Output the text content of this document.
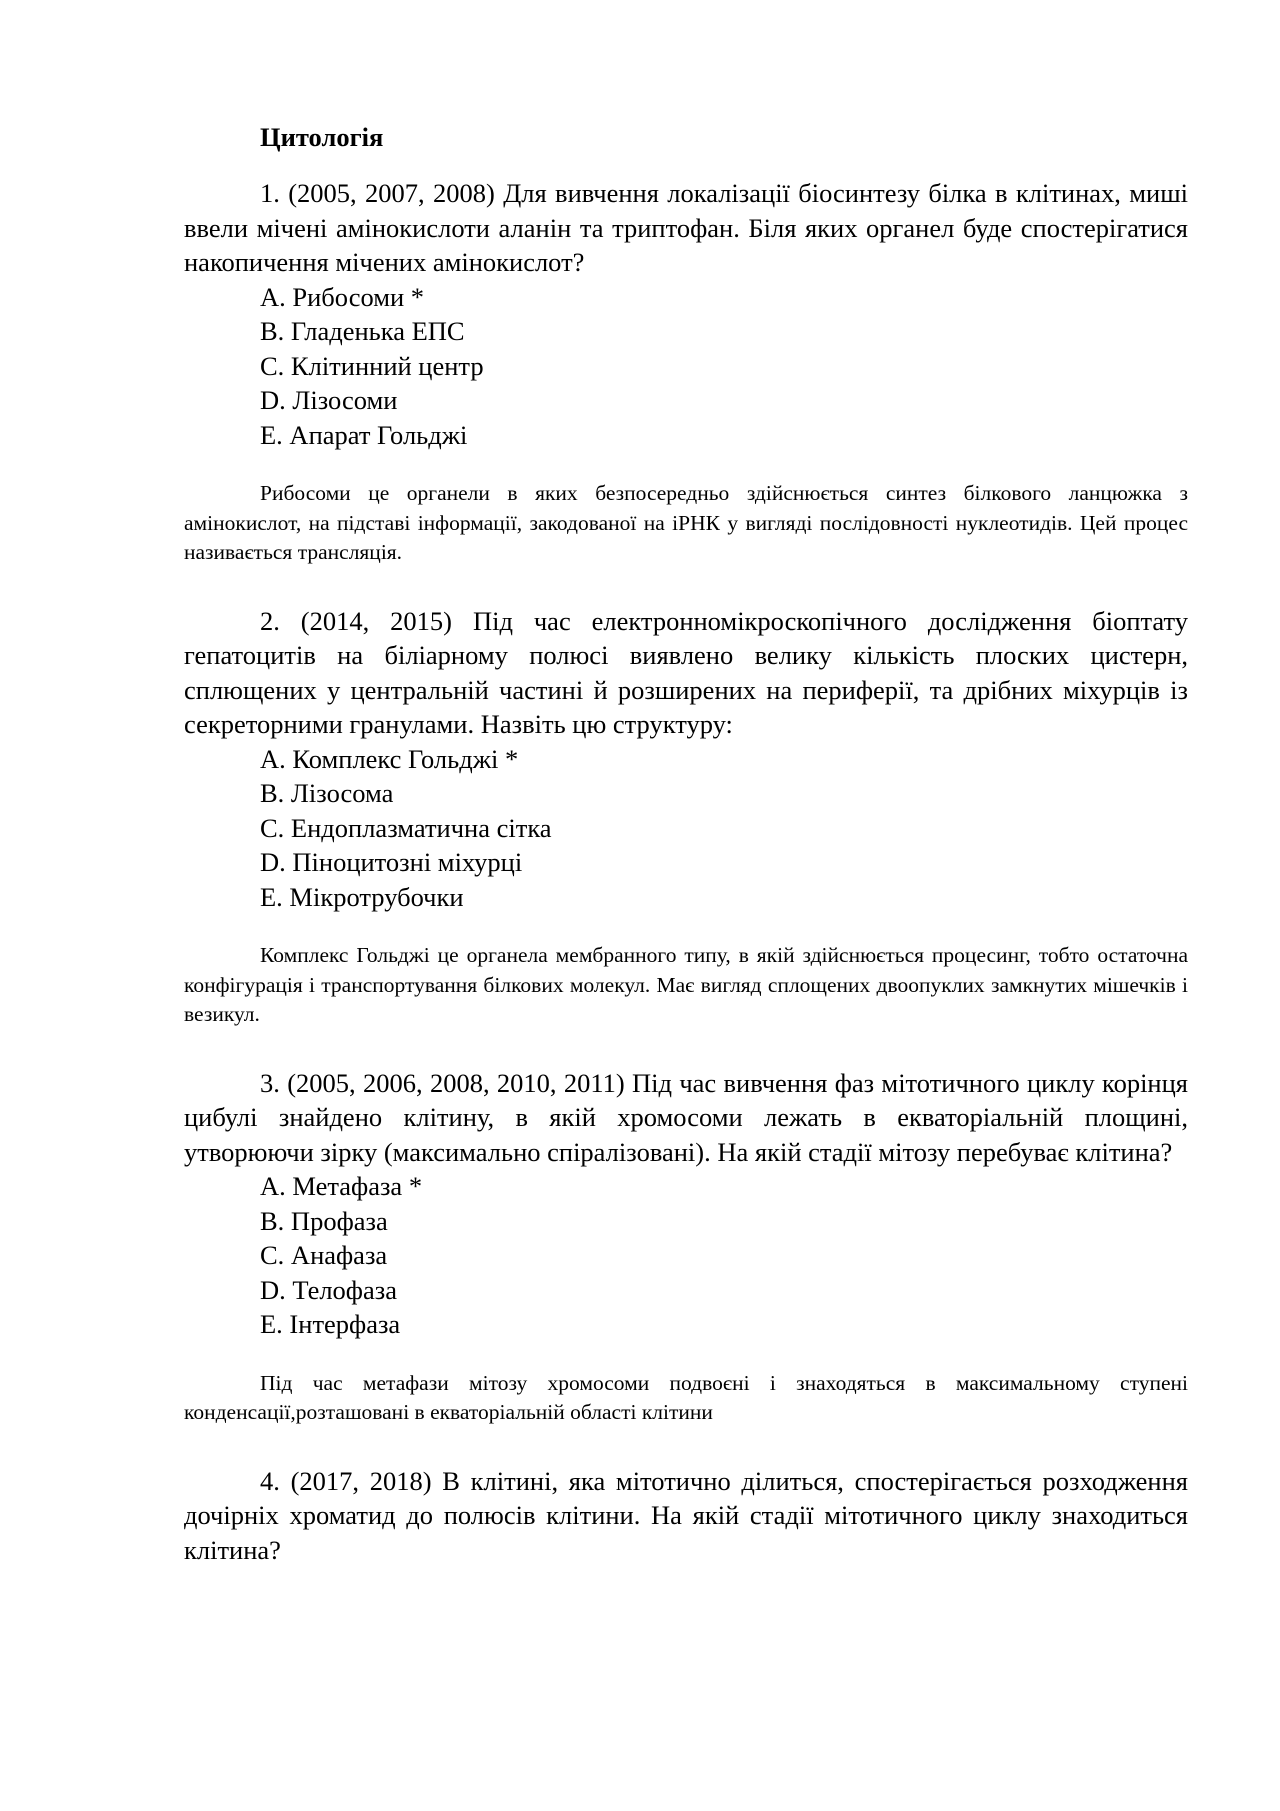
Цитологія

1. (2005, 2007, 2008) Для вивчення локалізації біосинтезу білка в клітинах, миші ввели мічені амінокислоти аланін та триптофан. Біля яких органел буде спостерігатися накопичення мічених амінокислот?

A. Рибосоми *
B. Гладенька ЕПС
C. Клітинний центр
D. Лізосоми
E. Апарат Гольджі

Рибосоми це органели в яких безпосередньо здійснюється синтез білкового ланцюжка з амінокислот, на підставі інформації, закодованої на іРНК у вигляді послідовності нуклеотидів. Цей процес називається трансляція.

2. (2014, 2015) Під час електронномікроскопічного дослідження біоптату гепатоцитів на біліарному полюсі виявлено велику кількість плоских цистерн, сплющених у центральній частині й розширених на периферії, та дрібних міхурців із секреторними гранулами. Назвіть цю структуру:

A. Комплекс Гольджі *
B. Лізосома
C. Ендоплазматична сітка
D. Піноцитозні міхурці
E. Мікротрубочки

Комплекс Гольджі це органела мембранного типу, в якій здійснюється процесинг, тобто остаточна конфігурація і транспортування білкових молекул. Має вигляд сплощених двоопуклих замкнутих мішечків і везикул.

3. (2005, 2006, 2008, 2010, 2011) Під час вивчення фаз мітотичного циклу корінця цибулі знайдено клітину, в якій хромосоми лежать в екваторіальній площині, утворюючи зірку (максимально спіралізовані). На якій стадії мітозу перебуває клітина?

A. Метафаза *
B. Профаза
C. Анафаза
D. Телофаза
E. Інтерфаза

Під час метафази мітозу хромосоми подвоєні і знаходяться в максимальному ступені конденсації,розташовані в екваторіальній області клітини

4. (2017, 2018) В клітині, яка мітотично ділиться, спостерігається розходження дочірніх хроматид до полюсів клітини. На якій стадії мітотичного циклу знаходиться клітина?
